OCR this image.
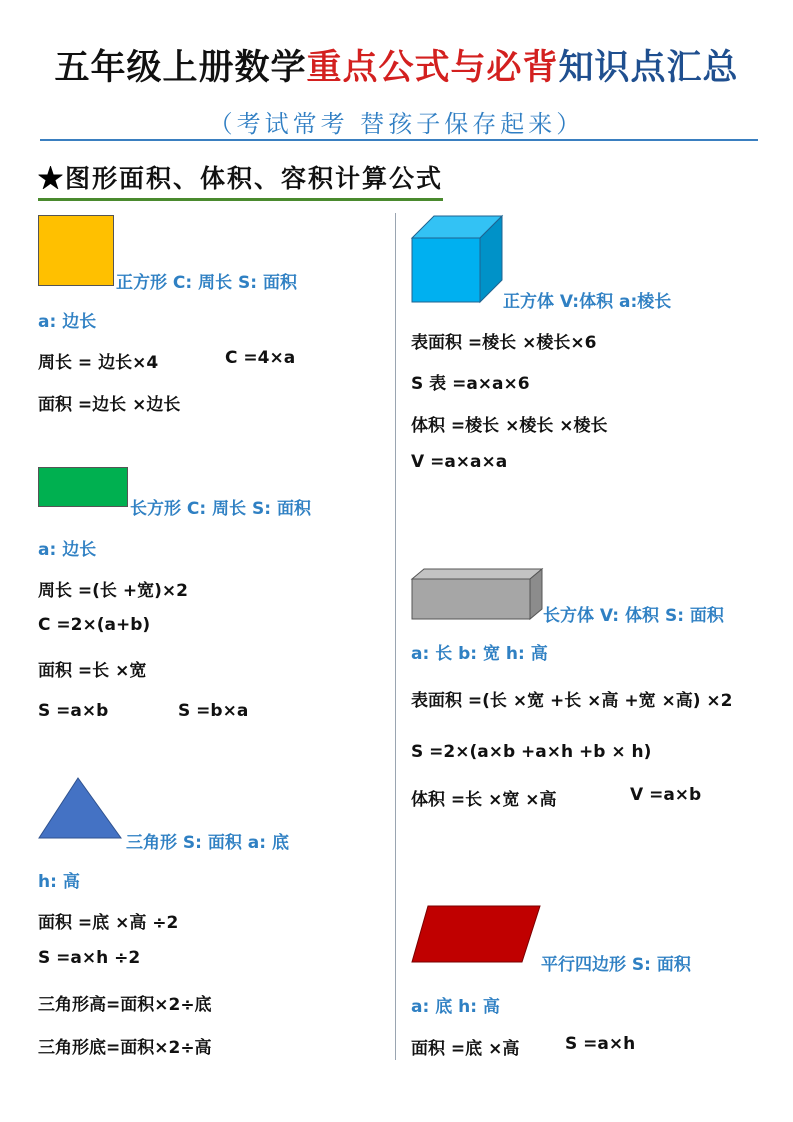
五年级上册数学重点公式与必背知识点汇总
（考试常考 替孩子保存起来）
★图形面积、体积、容积计算公式
正方形 C: 周长 S: 面积
a: 边长
周长 = 边长×4	C =4×a
面积 =边长 ×边长
长方形 C: 周长 S: 面积
a: 边长
周长 =(长 +宽)×2
C =2×(a+b)
面积 =长 ×宽
S =a×b	S =b×a
三角形 S: 面积 a: 底
h: 高
面积 =底 ×高 ÷2
S =a×h ÷2
三角形高=面积×2÷底
三角形底=面积×2÷高
正方体 V:体积 a:棱长
表面积 =棱长 ×棱长×6
S 表 =a×a×6
体积 =棱长 ×棱长 ×棱长
V =a×a×a
长方体 V: 体积 S: 面积
a: 长 b: 宽 h: 高
表面积 =(长 ×宽 +长 ×高 +宽 ×高) ×2
S =2×(a×b +a×h +b × h)
体积 =长 ×宽 ×高	V =a×b
平行四边形 S: 面积
a: 底 h: 高
面积 =底 ×高	S =a×h
